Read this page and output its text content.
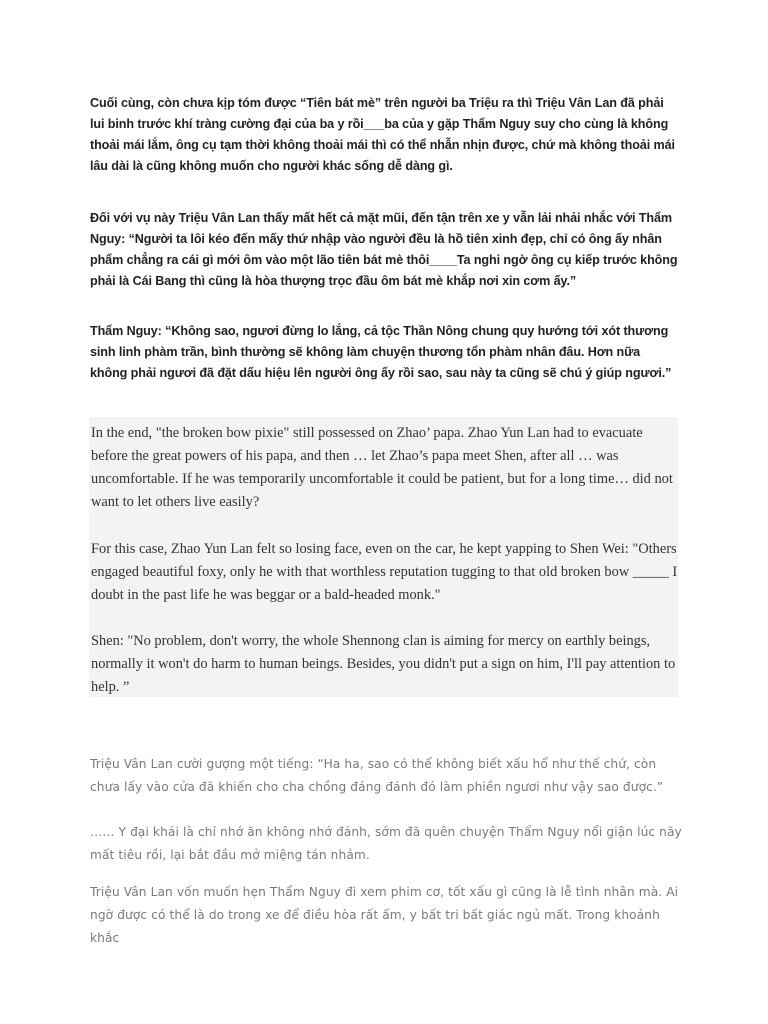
Cuối cùng, còn chưa kịp tóm được “Tiên bát mè” trên người ba Triệu ra thì Triệu Vân Lan đã phải lui binh trước khí tràng cường đại của ba y rồi___ba của y gặp Thẩm Nguy suy cho cùng là không thoải mái lắm, ông cụ tạm thời không thoải mái thì có thể nhẫn nhịn được, chứ mà không thoải mái lâu dài là cũng không muốn cho người khác sống dễ dàng gì.

Đối với vụ này Triệu Vân Lan thấy mất hết cả mặt mũi, đến tận trên xe y vẫn lải nhải nhắc với Thẩm Nguy: “Người ta lôi kéo đến mấy thứ nhập vào người đều là hồ tiên xinh đẹp, chỉ có ông ấy nhân phẩm chẳng ra cái gì mới ôm vào một lão tiên bát mè thôi____Ta nghi ngờ ông cụ kiếp trước không phải là Cái Bang thì cũng là hòa thượng trọc đầu ôm bát mè khắp nơi xin cơm ấy.”

Thẩm Nguy: “Không sao, ngươi đừng lo lắng, cả tộc Thần Nông chung quy hướng tới xót thương sinh linh phàm trần, bình thường sẽ không làm chuyện thương tổn phàm nhân đâu. Hơn nữa không phải ngươi đã đặt dấu hiệu lên người ông ấy rồi sao, sau này ta cũng sẽ chú ý giúp ngươi.”

In the end, "the broken bow pixie" still possessed on Zhao’ papa. Zhao Yun Lan had to evacuate before the great powers of his papa, and then … let Zhao’s papa meet Shen, after all … was uncomfortable. If he was temporarily uncomfortable it could be patient, but for a long time… did not want to let others live easily?

For this case, Zhao Yun Lan felt so losing face, even on the car, he kept yapping to Shen Wei: "Others engaged beautiful foxy, only he with that worthless reputation tugging to that old broken bow _____ I doubt in the past life he was beggar or a bald-headed monk."

Shen: "No problem, don't worry, the whole Shennong clan is aiming for mercy on earthly beings, normally it won't do harm to human beings. Besides, you didn't put a sign on him, I'll pay attention to help. ”

Triệu Vân Lan cười gượng một tiếng: “Ha ha, sao có thể không biết xấu hổ như thế chứ, còn chưa lấy vào cửa đã khiến cho cha chồng đáng đánh đó làm phiền ngươi như vậy sao được.”

…… Y đại khái là chỉ nhớ ăn không nhớ đánh, sớm đã quên chuyện Thẩm Nguy nổi giận lúc nãy mất tiêu rồi, lại bắt đầu mở miệng tán nhảm.

Triệu Vân Lan vốn muốn hẹn Thẩm Nguy đi xem phim cơ, tốt xấu gì cũng là lễ tình nhân mà. Ai ngờ được có thể là do trong xe để điều hòa rất ấm, y bất tri bất giác ngủ mất. Trong khoảnh khắc
